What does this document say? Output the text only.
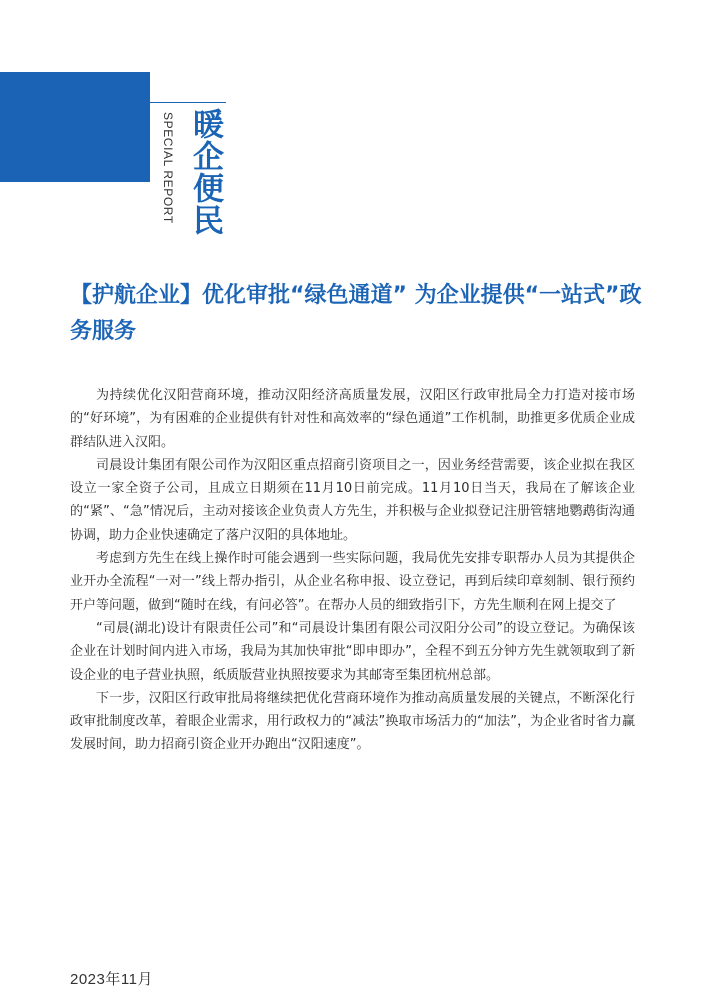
SPECIAL REPORT 暖企便民
【护航企业】优化审批“绿色通道” 为企业提供“一站式”政务服务

为持续优化汉阳营商环境，推动汉阳经济高质量发展，汉阳区行政审批局全力打造对接市场的“好环境”，为有困难的企业提供有针对性和高效率的“绿色通道”工作机制，助推更多优质企业成群结队进入汉阳。

司晨设计集团有限公司作为汉阳区重点招商引资项目之一，因业务经营需要，该企业拟在我区设立一家全资子公司，且成立日期须在11月10日前完成。11月10日当天，我局在了解该企业的“紧”、“急”情况后，主动对接该企业负责人方先生，并积极与企业拟登记注册管辖地鹦鹉街沟通协调，助力企业快速确定了落户汉阳的具体地址。

考虑到方先生在线上操作时可能会遇到一些实际问题，我局优先安排专职帮办人员为其提供企业开办全流程“一对一”线上帮办指引，从企业名称申报、设立登记，再到后续印章刻制、银行预约开户等问题，做到“随时在线，有问必答”。在帮办人员的细致指引下，方先生顺利在网上提交了

“司晨(湖北)设计有限责任公司”和“司晨设计集团有限公司汉阳分公司”的设立登记。为确保该企业在计划时间内进入市场，我局为其加快审批“即申即办”，全程不到五分钟方先生就领取到了新设企业的电子营业执照，纸质版营业执照按要求为其邮寄至集团杭州总部。

下一步，汉阳区行政审批局将继续把优化营商环境作为推动高质量发展的关键点，不断深化行政审批制度改革，着眼企业需求，用行政权力的“减法”换取市场活力的“加法”，为企业省时省力赢发展时间，助力招商引资企业开办跑出“汉阳速度”。

2023年11月
